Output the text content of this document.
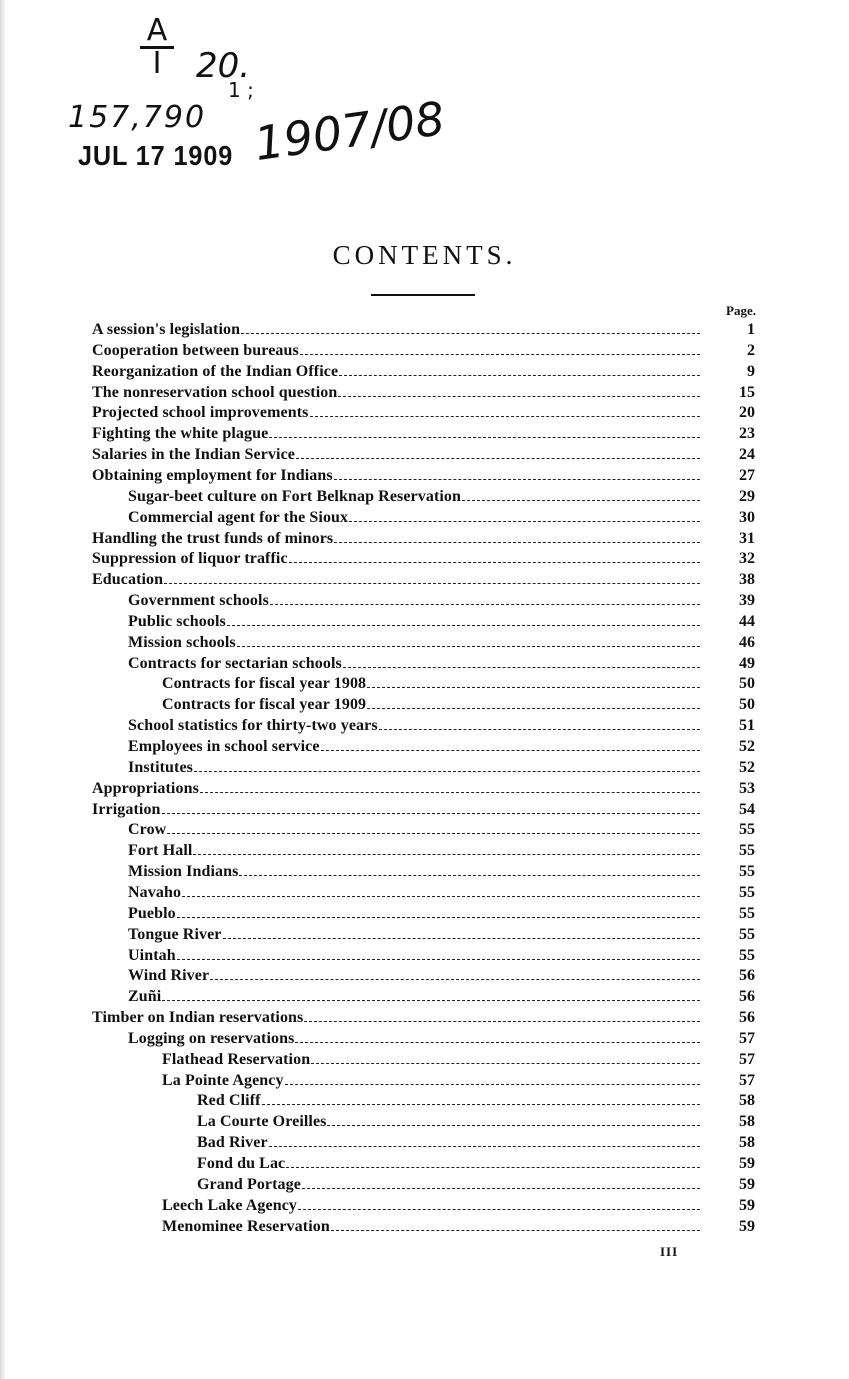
A
I	20.
1 ;
157,790 1907/08
JUL 17 1909
CONTENTS.
Page.
A session's legislation	1
Cooperation between bureaus	2
Reorganization of the Indian Office	9
The nonreservation school question	15
Projected school improvements	20
Fighting the white plague	23
Salaries in the Indian Service	24
Obtaining employment for Indians	27
Sugar-beet culture on Fort Belknap Reservation	29
Commercial agent for the Sioux	30
Handling the trust funds of minors	31
Suppression of liquor traffic	32
Education	38
Government schools	39
Public schools	44
Mission schools	46
Contracts for sectarian schools	49
Contracts for fiscal year 1908	50
Contracts for fiscal year 1909	50
School statistics for thirty-two years	51
Employees in school service	52
Institutes	52
Appropriations	53
Irrigation	54
Crow	55
Fort Hall	55
Mission Indians	55
Navaho	55
Pueblo	55
Tongue River	55
Uintah	55
Wind River	56
Zuñi	56
Timber on Indian reservations	56
Logging on reservations	57
Flathead Reservation	57
La Pointe Agency	57
Red Cliff	58
La Courte Oreilles	58
Bad River	58
Fond du Lac	59
Grand Portage	59
Leech Lake Agency	59
Menominee Reservation	59
III
